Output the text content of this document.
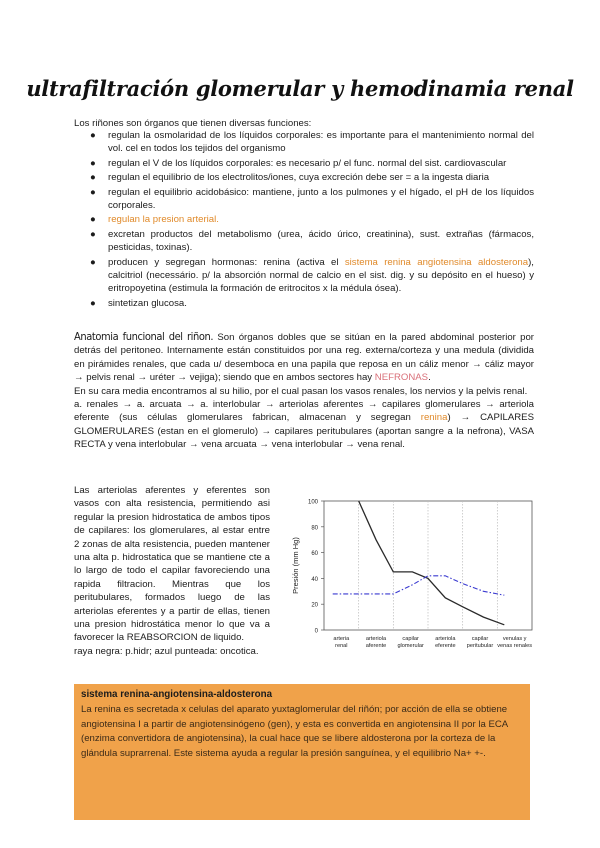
ultrafiltración glomerular y hemodinamia renal
Los riñones son órganos que tienen diversas funciones:
● regulan la osmolaridad de los líquidos corporales: es importante para el mantenimiento normal del vol. cel en todos los tejidos del organismo
● regulan el V de los líquidos corporales: es necesario p/ el func. normal del sist. cardiovascular
● regulan el equilibrio de los electrolitos/iones, cuya excreción debe ser = a la ingesta diaria
● regulan el equilibrio acidobásico: mantiene, junto a los pulmones y el hígado, el pH de los líquidos corporales.
● regulan la presion arterial.
● excretan productos del metabolismo (urea, ácido úrico, creatinina), sust. extrañas (fármacos, pesticidas, toxinas).
● producen y segregan hormonas: renina (activa el sistema renina angiotensina aldosterona), calcitriol (necessário. p/ la absorción normal de calcio en el sist. dig. y su depósito en el hueso) y eritropoyetina (estimula la formación de eritrocitos x la médula ósea).
● sintetizan glucosa.
Anatomia funcional del riñon. Son órganos dobles que se sitúan en la pared abdominal posterior por detrás del peritoneo. Internamente están constituidos por una reg. externa/corteza y una medula (dividida en pirámides renales, que cada u/ desemboca en una papila que reposa en un cáliz menor → cáliz mayor → pelvis renal → uréter → vejiga); siendo que en ambos sectores hay NEFRONAS.
En su cara media encontramos al su hilio, por el cual pasan los vasos renales, los nervios y la pelvis renal.
a. renales → a. arcuata → a. interlobular → arteriolas aferentes → capilares glomerulares → arteriola eferente (sus células glomerulares fabrican, almacenan y segregan renina) → CAPILARES GLOMERULARES (estan en el glomerulo) → capilares peritubulares (aportan sangre a la nefrona), VASA RECTA y vena interlobular → vena arcuata → vena interlobular → vena renal.
Las arteriolas aferentes y eferentes son vasos con alta resistencia, permitiendo asi regular la presion hidrostatica de ambos tipos de capilares: los glomerulares, al estar entre 2 zonas de alta resistencia, pueden mantener una alta p. hidrostatica que se mantiene cte a lo largo de todo el capilar favoreciendo una rapida filtracion. Mientras que los peritubulares, formados luego de las arteriolas eferentes y a partir de ellas, tienen una presion hidrostática menor lo que va a favorecer la REABSORCION de liquido.
raya negra: p.hidr; azul punteada: oncotica.
0
20
40
60
80
100
Presión (mm Hg)
arteria
renal
arteriola
aferente
capilar
glomerular
arteriola
eferente
capilar
peritubular
venulas y
venas renales
sistema renina-angiotensina-aldosterona
La renina es secretada x celulas del aparato yuxtaglomerular del riñón; por acción de ella se obtiene angiotensina I a partir de angiotensinógeno (gen), y esta es convertida en angiotensina II por la ECA (enzima convertidora de angiotensina), la cual hace que se libere aldosterona por la corteza de la glándula suprarrenal. Este sistema ayuda a regular la presión sanguínea, y el equilibrio Na+ +-.
